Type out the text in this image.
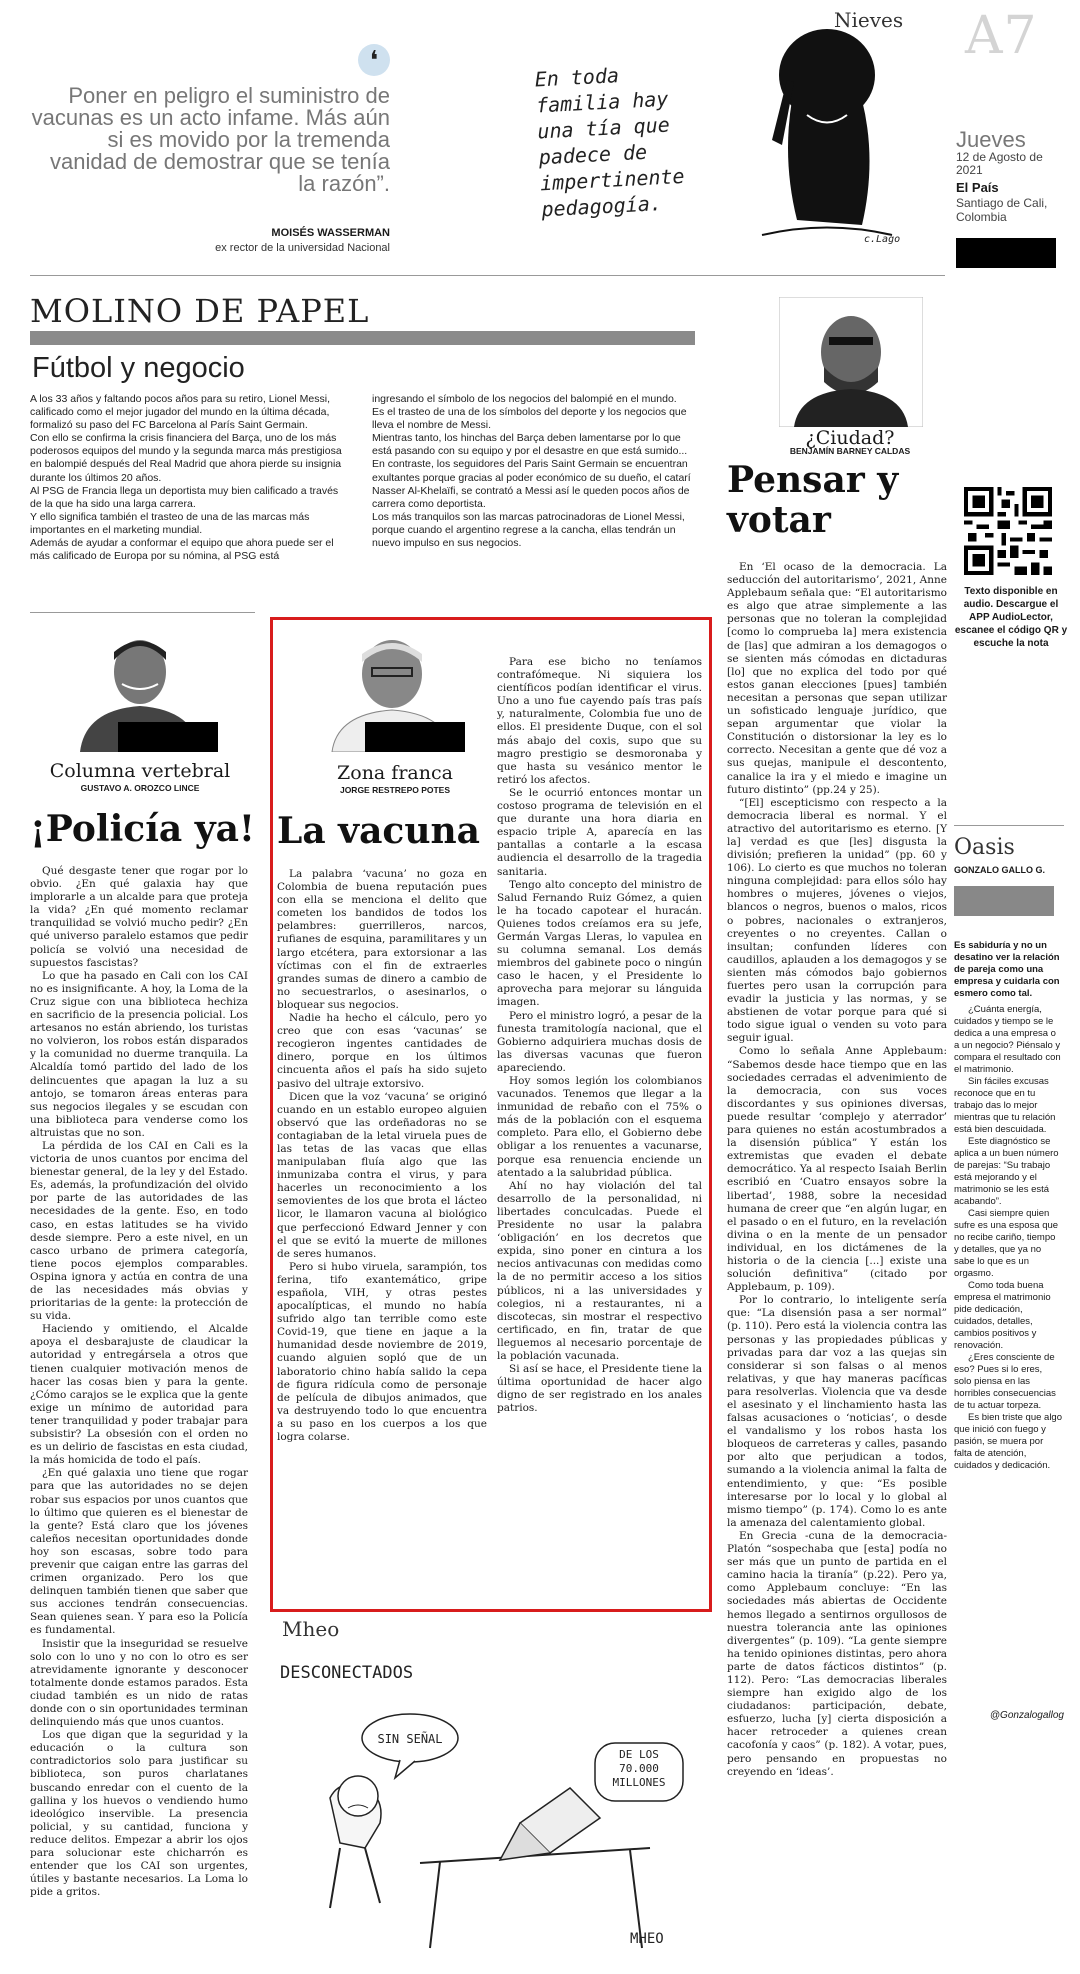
❛
Poner en peligro el suministro de vacunas es un acto infame. Más aún si es movido por la tremenda vanidad de demostrar que se tenía la razón”.
MOISÉS WASSERMAN
ex rector de la universidad Nacional
Nieves
En toda familia hay una tía que padece de impertinente pedagogía.
c.Lago
A7
Jueves
12 de Agosto de 2021
El País
Santiago de Cali, Colombia
MOLINO DE PAPEL
Fútbol y negocio

A los 33 años y faltando pocos años para su retiro, Lionel Messi, calificado como el mejor jugador del mundo en la última década, formalizó su paso del FC Barcelona al París Saint Germain.

Con ello se confirma la crisis financiera del Barça, uno de los más poderosos equipos del mundo y la segunda marca más prestigiosa en balompié después del Real Madrid que ahora pierde su insignia durante los últimos 20 años.

Al PSG de Francia llega un deportista muy bien calificado a través de la que ha sido una larga carrera.

Y ello significa también el trasteo de una de las marcas más importantes en el marketing mundial.

Además de ayudar a conformar el equipo que ahora puede ser el más calificado de Europa por su nómina, al PSG está

ingresando el símbolo de los negocios del balompié en el mundo.

Es el trasteo de una de los símbolos del deporte y los negocios que lleva el nombre de Messi.

Mientras tanto, los hinchas del Barça deben lamentarse por lo que está pasando con su equipo y por el desastre en que está sumido...

En contraste, los seguidores del Paris Saint Germain se encuentran exultantes porque gracias al poder económico de su dueño, el catarí Nasser Al-Khelaïfi, se contrató a Messi así le queden pocos años de carrera como deportista.

Los más tranquilos son las marcas patrocinadoras de Lionel Messi, porque cuando el argentino regrese a la cancha, ellas tendrán un nuevo impulso en sus negocios.

¿Ciudad?
BENJAMÍN BARNEY CALDAS
Pensar y votar

En ‘El ocaso de la democracia. La seducción del autoritarismo’, 2021, Anne Applebaum señala que: “El autoritarismo es algo que atrae simplemente a las personas que no toleran la complejidad [como lo comprueba la] mera existencia de [las] que admiran a los demagogos o se sienten más cómodas en dictaduras [lo] que no explica del todo por qué estos ganan elecciones [pues] también necesitan a personas que sepan utilizar un sofisticado lenguaje jurídico, que sepan argumentar que violar la Constitución o distorsionar la ley es lo correcto. Necesitan a gente que dé voz a sus quejas, manipule el descontento, canalice la ira y el miedo e imagine un futuro distinto” (pp.24 y 25).

“[El] escepticismo con respecto a la democracia liberal es normal. Y el atractivo del autoritarismo es eterno. [Y la] verdad es que [les] disgusta la división; prefieren la unidad” (pp. 60 y 106). Lo cierto es que muchos no toleran ninguna complejidad: para ellos sólo hay hombres o mujeres, jóvenes o viejos, blancos o negros, buenos o malos, ricos o pobres, nacionales o extranjeros, creyentes o no creyentes. Callan o insultan; confunden líderes con caudillos, aplauden a los demagogos y se sienten más cómodos bajo gobiernos fuertes pero usan la corrupción para evadir la justicia y las normas, y se abstienen de votar porque para qué si todo sigue igual o venden su voto para seguir igual.

Como lo señala Anne Applebaum: “Sabemos desde hace tiempo que en las sociedades cerradas el advenimiento de la democracia, con sus voces discordantes y sus opiniones diversas, puede resultar ‘complejo y aterrador’ para quienes no están acostumbrados a la disensión pública” Y están los extremistas que evaden el debate democrático. Ya al respecto Isaiah Berlin escribió en ‘Cuatro ensayos sobre la libertad’, 1988, sobre la necesidad humana de creer que “en algún lugar, en el pasado o en el futuro, en la revelación divina o en la mente de un pensador individual, en los dictámenes de la historia o de la ciencia [...] existe una solución definitiva” (citado por Applebaum, p. 109).

Por lo contrario, lo inteligente sería que: “La disensión pasa a ser normal” (p. 110). Pero está la violencia contra las personas y las propiedades públicas y privadas para dar voz a las quejas sin considerar si son falsas o al menos relativas, y que hay maneras pacíficas para resolverlas. Violencia que va desde el asesinato y el linchamiento hasta las falsas acusaciones o ‘noticias’, o desde el vandalismo y los robos hasta los bloqueos de carreteras y calles, pasando por alto que perjudican a todos, sumando a la violencia animal la falta de entendimiento, y que: “Es posible interesarse por lo local y lo global al mismo tiempo” (p. 174). Como lo es ante la amenaza del calentamiento global.

En Grecia -cuna de la democracia- Platón “sospechaba que [esta] podía no ser más que un punto de partida en el camino hacia la tiranía” (p.22). Pero ya, como Applebaum concluye: “En las sociedades más abiertas de Occidente hemos llegado a sentirnos orgullosos de nuestra tolerancia ante las opiniones divergentes” (p. 109). “La gente siempre ha tenido opiniones distintas, pero ahora parte de datos fácticos distintos” (p. 112). Pero: “Las democracias liberales siempre han exigido algo de los ciudadanos: participación, debate, esfuerzo, lucha [y] cierta disposición a hacer retroceder a quienes crean cacofonía y caos” (p. 182). A votar, pues, pero pensando en propuestas no creyendo en ‘ideas’.

Texto disponible en audio. Descargue el APP AudioLector, escanee el código QR y escuche la nota
Oasis
GONZALO GALLO G.
Es sabiduría y no un desatino ver la relación de pareja como una empresa y cuidarla con esmero como tal.

¿Cuánta energía, cuidados y tiempo se le dedica a una empresa o a un negocio? Piénsalo y compara el resultado con el matrimonio.

Sin fáciles excusas reconoce que en tu trabajo das lo mejor mientras que tu relación está bien descuidada.

Este diagnóstico se aplica a un buen número de parejas: “Su trabajo está mejorando y el matrimonio se les está acabando”.

Casi siempre quien sufre es una esposa que no recibe cariño, tiempo y detalles, que ya no sabe lo que es un orgasmo.

Como toda buena empresa el matrimonio pide dedicación, cuidados, detalles, cambios positivos y renovación.

¿Eres consciente de eso? Pues si lo eres, solo piensa en las horribles consecuencias de tu actuar torpeza.

Es bien triste que algo que inició con fuego y pasión, se muera por falta de atención, cuidados y dedicación.

@Gonzalogallog
Columna vertebral
GUSTAVO A. OROZCO LINCE
¡Policía ya!

Qué desgaste tener que rogar por lo obvio. ¿En qué galaxia hay que implorarle a un alcalde para que proteja la vida? ¿En qué momento reclamar tranquilidad se volvió mucho pedir? ¿En qué universo paralelo estamos que pedir policía se volvió una necesidad de supuestos fascistas?

Lo que ha pasado en Cali con los CAI no es insignificante. A hoy, la Loma de la Cruz sigue con una biblioteca hechiza en sacrificio de la presencia policial. Los artesanos no están abriendo, los turistas no volvieron, los robos están disparados y la comunidad no duerme tranquila. La Alcaldía tomó partido del lado de los delincuentes que apagan la luz a su antojo, se tomaron áreas enteras para sus negocios ilegales y se escudan con una biblioteca para venderse como los altruistas que no son.

La pérdida de los CAI en Cali es la victoria de unos cuantos por encima del bienestar general, de la ley y del Estado. Es, además, la profundización del olvido por parte de las autoridades de las necesidades de la gente. Eso, en todo caso, en estas latitudes se ha vivido desde siempre. Pero a este nivel, en un casco urbano de primera categoría, tiene pocos ejemplos comparables. Ospina ignora y actúa en contra de una de las necesidades más obvias y prioritarias de la gente: la protección de su vida.

Haciendo y omitiendo, el Alcalde apoya el desbarajuste de claudicar la autoridad y entregársela a otros que tienen cualquier motivación menos de hacer las cosas bien y para la gente. ¿Cómo carajos se le explica que la gente exige un mínimo de autoridad para tener tranquilidad y poder trabajar para subsistir? La obsesión con el orden no es un delirio de fascistas en esta ciudad, la más homicida de todo el país.

¿En qué galaxia uno tiene que rogar para que las autoridades no se dejen robar sus espacios por unos cuantos que lo último que quieren es el bienestar de la gente? Está claro que los jóvenes caleños necesitan oportunidades donde hoy son escasas, sobre todo para prevenir que caigan entre las garras del crimen organizado. Pero los que delinquen también tienen que saber que sus acciones tendrán consecuencias. Sean quienes sean. Y para eso la Policía es fundamental.

Insistir que la inseguridad se resuelve solo con lo uno y no con lo otro es ser atrevidamente ignorante y desconocer totalmente donde estamos parados. Esta ciudad también es un nido de ratas donde con o sin oportunidades terminan delinquiendo más que unos cuantos.

Los que digan que la seguridad y la educación o la cultura son contradictorios solo para justificar su biblioteca, son puros charlatanes buscando enredar con el cuento de la gallina y los huevos o vendiendo humo ideológico inservible. La presencia policial, y su cantidad, funciona y reduce delitos. Empezar a abrir los ojos para solucionar este chicharrón es entender que los CAI son urgentes, útiles y bastante necesarios. La Loma lo pide a gritos.

Zona franca
JORGE RESTREPO POTES
La vacuna

La palabra ‘vacuna’ no goza en Colombia de buena reputación pues con ella se menciona el delito que cometen los bandidos de todos los pelambres: guerrilleros, narcos, rufianes de esquina, paramilitares y un largo etcétera, para extorsionar a las víctimas con el fin de extraerles grandes sumas de dinero a cambio de no secuestrarlos, o asesinarlos, o bloquear sus negocios.

Nadie ha hecho el cálculo, pero yo creo que con esas ‘vacunas’ se recogieron ingentes cantidades de dinero, porque en los últimos cincuenta años el país ha sido sujeto pasivo del ultraje extorsivo.

Dicen que la voz ‘vacuna’ se originó cuando en un establo europeo alguien observó que las ordeñadoras no se contagiaban de la letal viruela pues de las tetas de las vacas que ellas manipulaban fluía algo que las inmunizaba contra el virus, y para hacerles un reconocimiento a los semovientes de los que brota el lácteo licor, le llamaron vacuna al biológico que perfeccionó Edward Jenner y con el que se evitó la muerte de millones de seres humanos.

Pero si hubo viruela, sarampión, tos ferina, tifo exantemático, gripe española, VIH, y otras pestes apocalípticas, el mundo no había sufrido algo tan terrible como este Covid-19, que tiene en jaque a la humanidad desde noviembre de 2019, cuando alguien sopló que de un laboratorio chino había salido la cepa de figura ridícula como de personaje de película de dibujos animados, que va destruyendo todo lo que encuentra a su paso en los cuerpos a los que logra colarse.

Para ese bicho no teníamos contrafómeque. Ni siquiera los científicos podían identificar el virus. Uno a uno fue cayendo país tras país y, naturalmente, Colombia fue uno de ellos. El presidente Duque, con el sol más abajo del coxis, supo que su magro prestigio se desmoronaba y que hasta su vesánico mentor le retiró los afectos.

Se le ocurrió entonces montar un costoso programa de televisión en el que durante una hora diaria en espacio triple A, aparecía en las pantallas a contarle a la escasa audiencia el desarrollo de la tragedia sanitaria.

Tengo alto concepto del ministro de Salud Fernando Ruiz Gómez, a quien le ha tocado capotear el huracán. Quienes todos creíamos era su jefe, Germán Vargas Lleras, lo vapulea en su columna semanal. Los demás miembros del gabinete poco o ningún caso le hacen, y el Presidente lo aprovecha para mejorar su lánguida imagen.

Pero el ministro logró, a pesar de la funesta tramitología nacional, que el Gobierno adquiriera muchas dosis de las diversas vacunas que fueron apareciendo.

Hoy somos legión los colombianos vacunados. Tenemos que llegar a la inmunidad de rebaño con el 75% o más de la población con el esquema completo. Para ello, el Gobierno debe obligar a los renuentes a vacunarse, porque esa renuencia enciende un atentado a la salubridad pública.

Ahí no hay violación del tal desarrollo de la personalidad, ni libertades conculcadas. Puede el Presidente no usar la palabra ‘obligación’ en los decretos que expida, sino poner en cintura a los necios antivacunas con medidas como la de no permitir acceso a los sitios públicos, ni a las universidades y colegios, ni a restaurantes, ni a discotecas, sin mostrar el respectivo certificado, en fin, tratar de que lleguemos al necesario porcentaje de la población vacunada.

Si así se hace, el Presidente tiene la última oportunidad de hacer algo digno de ser registrado en los anales patrios.

Mheo
DESCONECTADOS
SIN SEÑAL
DE LOS 70.000 MILLONES
MHEO
